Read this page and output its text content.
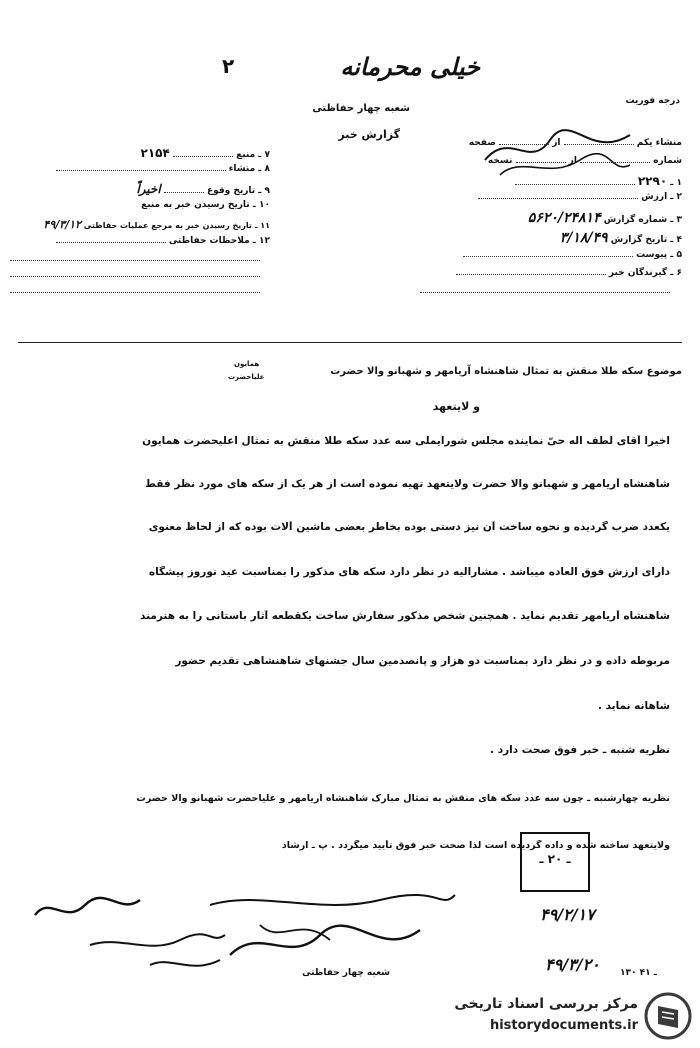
خیلی محرمانه
۲
شعبه چهار حفاظتی
گزارش خبر
درجه فوریت
منشاء یکم  از  صفحه
شماره  از  نسخه
۱ ـ ۲۲۹۰
۲ ـ ارزش
۳ ـ شماره گزارش ۵۶۲۰/۲۴۸۱۴
۴ ـ تاریخ گزارش ۳/۱۸/۴۹
۵ ـ پیوست
۶ ـ گیرندگان خبر
۷ ـ منبع  ۲۱۵۴
۸ ـ منشاء
۹ ـ تاریخ وقوع  اخیراً
۱۰ ـ تاریخ رسیدن خبر به منبع
۱۱ ـ تاریخ رسیدن خبر به مرجع عملیات حفاظتی ۴۹/۳/۱۲
۱۲ ـ ملاحظات حفاظتی
موضوع سکه طلا منقش به تمثال شاهنشاه آریامهر و شهبانو والا حضرت
همایون
علیاحضرت
و لایتعهد
اخیراً آقای لطف اله حیّ نماینده مجلس شورایملی سه عدد سکه طلا منقش به تمثال اعلیحضرت همایون
شاهنشاه آریامهر و شهبانو والا حضرت ولایتعهد تهیه نموده است از هر یک از سکه های مورد نظر فقط
یکعدد ضرب گردیده و نحوه ساخت آن نیز دستی بوده بخاطر بعضی ماشین آلات بوده که از لحاظ معنوی
دارای ارزش فوق العاده میباشد . مشارالیه در نظر دارد سکه های مذکور را بمناسبت عید نوروز پیشگاه
شاهنشاه آریامهر تقدیم نماید . همچنین شخص مذکور سفارش ساخت یکقطعه آثار باستانی را به هنرمند
مربوطه داده و در نظر دارد بمناسبت دو هزار و پانصدمین سال جشنهای شاهنشاهی تقدیم حضور
شاهانه نماید .
نظریه شنبه ـ خبر فوق صحت دارد .
نظریه چهارشنبه ـ چون سه عدد سکه های منقش به تمثال مبارک شاهنشاه آریامهر و علیاحضرت شهبانو والا حضرت
ولایتعهد ساخته شده و داده گردیده است لذا صحت خبر فوق تأیید میگردد . پ ـ ارشاد
ـ ۲۰ ـ
۴۹/۲/۱۷
۴۹/۳/۲۰
شعبه چهار حفاظتی	۱۳۰ ـ ۴۱
مرکز بررسی اسناد تاریخی
historydocuments.ir
